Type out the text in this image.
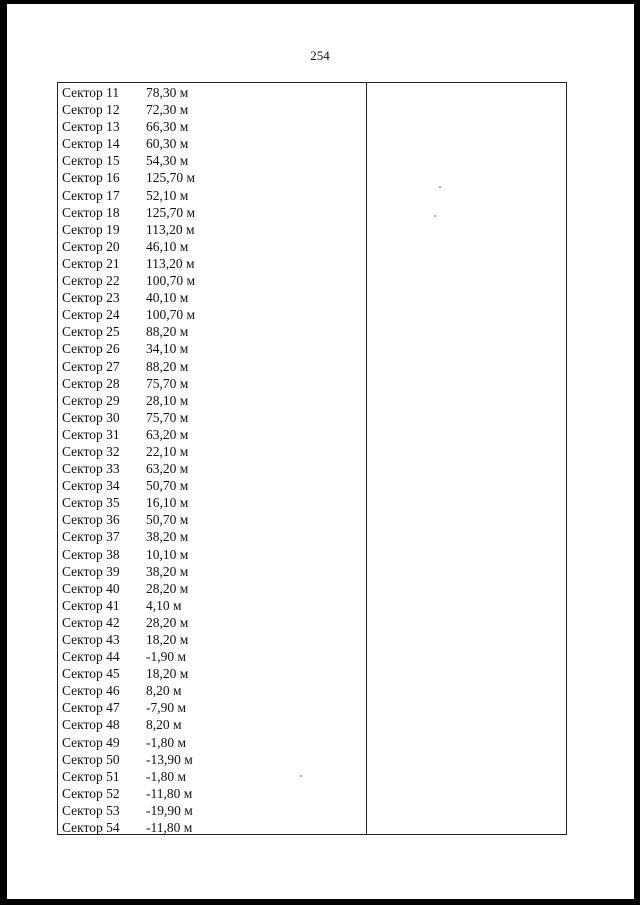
254
Сектор 11	78,30 м
Сектор 12	72,30 м
Сектор 13	66,30 м
Сектор 14	60,30 м
Сектор 15	54,30 м
Сектор 16	125,70 м
Сектор 17	52,10 м
Сектор 18	125,70 м
Сектор 19	113,20 м
Сектор 20	46,10 м
Сектор 21	113,20 м
Сектор 22	100,70 м
Сектор 23	40,10 м
Сектор 24	100,70 м
Сектор 25	88,20 м
Сектор 26	34,10 м
Сектор 27	88,20 м
Сектор 28	75,70 м
Сектор 29	28,10 м
Сектор 30	75,70 м
Сектор 31	63,20 м
Сектор 32	22,10 м
Сектор 33	63,20 м
Сектор 34	50,70 м
Сектор 35	16,10 м
Сектор 36	50,70 м
Сектор 37	38,20 м
Сектор 38	10,10 м
Сектор 39	38,20 м
Сектор 40	28,20 м
Сектор 41	4,10 м
Сектор 42	28,20 м
Сектор 43	18,20 м
Сектор 44	-1,90 м
Сектор 45	18,20 м
Сектор 46	8,20 м
Сектор 47	-7,90 м
Сектор 48	8,20 м
Сектор 49	-1,80 м
Сектор 50	-13,90 м
Сектор 51	-1,80 м
Сектор 52	-11,80 м
Сектор 53	-19,90 м
Сектор 54	-11,80 м
